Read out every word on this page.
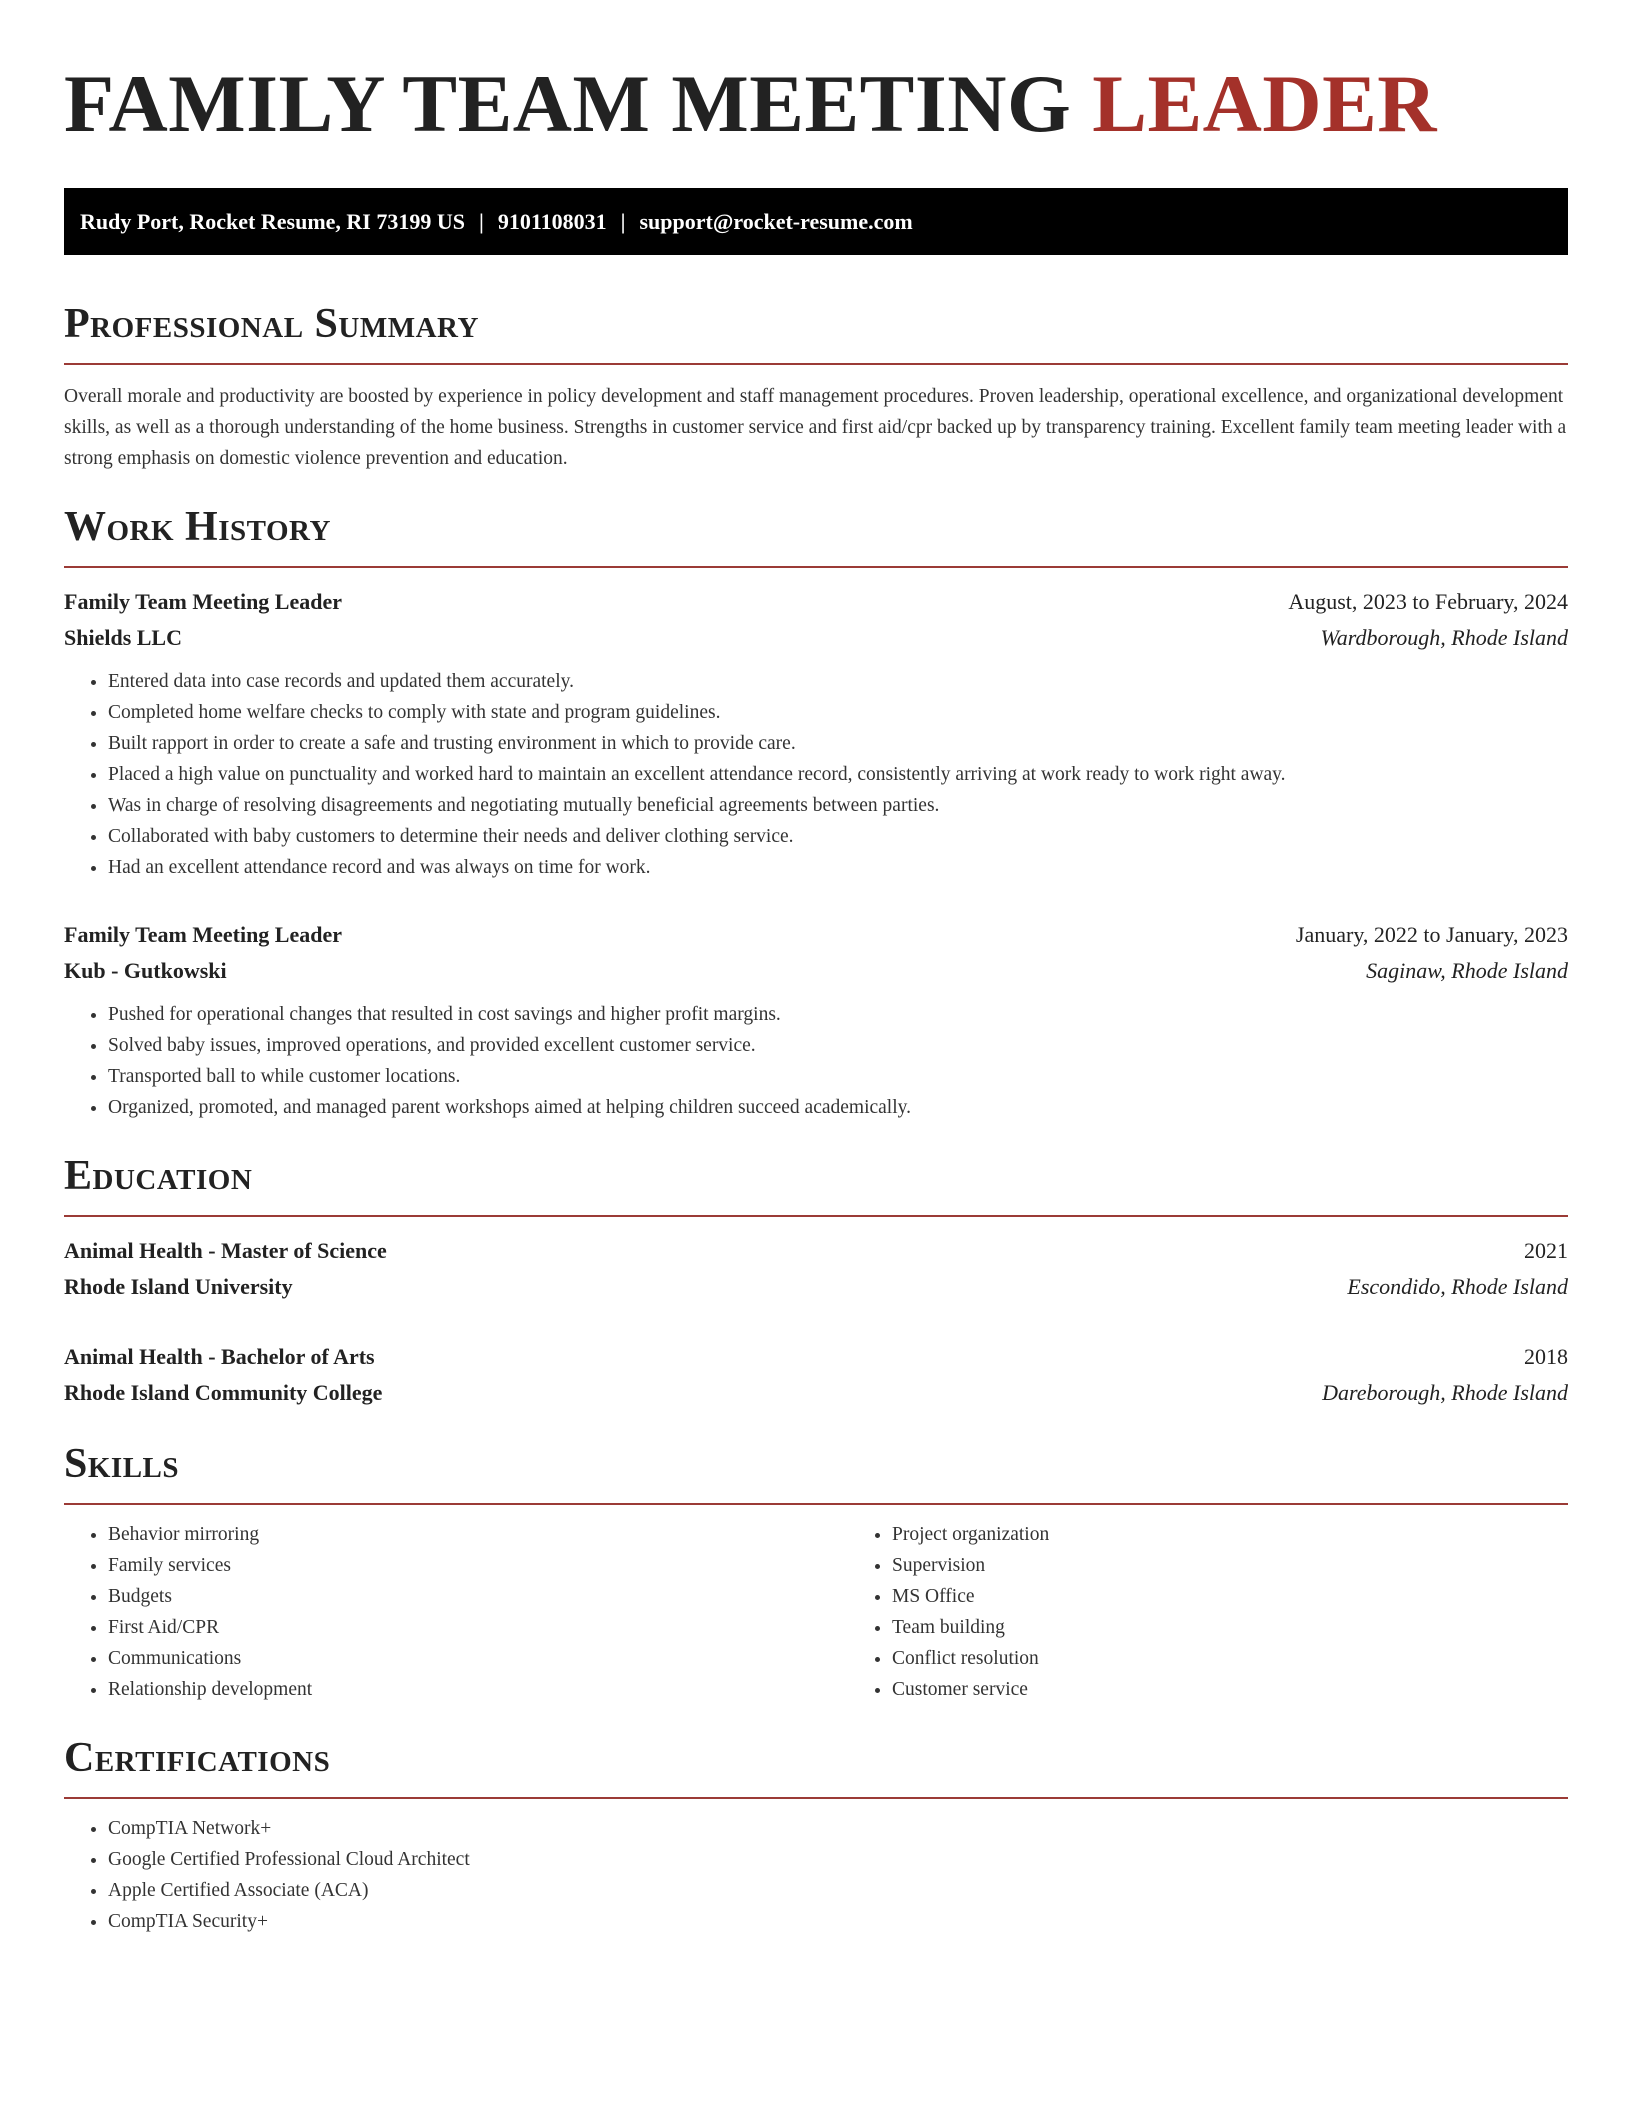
FAMILY TEAM MEETING LEADER
Rudy Port, Rocket Resume, RI 73199 US | 9101108031 | support@rocket-resume.com
Professional Summary

Overall morale and productivity are boosted by experience in policy development and staff management procedures. Proven leadership, operational excellence, and organizational development skills, as well as a thorough understanding of the home business. Strengths in customer service and first aid/cpr backed up by transparency training. Excellent family team meeting leader with a strong emphasis on domestic violence prevention and education.

Work History
Family Team Meeting Leader	August, 2023 to February, 2024
Shields LLC	Wardborough, Rhode Island
• Entered data into case records and updated them accurately.
• Completed home welfare checks to comply with state and program guidelines.
• Built rapport in order to create a safe and trusting environment in which to provide care.
• Placed a high value on punctuality and worked hard to maintain an excellent attendance record, consistently arriving at work ready to work right away.
• Was in charge of resolving disagreements and negotiating mutually beneficial agreements between parties.
• Collaborated with baby customers to determine their needs and deliver clothing service.
• Had an excellent attendance record and was always on time for work.
Family Team Meeting Leader	January, 2022 to January, 2023
Kub - Gutkowski	Saginaw, Rhode Island
• Pushed for operational changes that resulted in cost savings and higher profit margins.
• Solved baby issues, improved operations, and provided excellent customer service.
• Transported ball to while customer locations.
• Organized, promoted, and managed parent workshops aimed at helping children succeed academically.
Education
Animal Health - Master of Science	2021
Rhode Island University	Escondido, Rhode Island
Animal Health - Bachelor of Arts	2018
Rhode Island Community College	Dareborough, Rhode Island
Skills
• Behavior mirroring
• Family services
• Budgets
• First Aid/CPR
• Communications
• Relationship development
• Project organization
• Supervision
• MS Office
• Team building
• Conflict resolution
• Customer service
Certifications
• CompTIA Network+
• Google Certified Professional Cloud Architect
• Apple Certified Associate (ACA)
• CompTIA Security+
